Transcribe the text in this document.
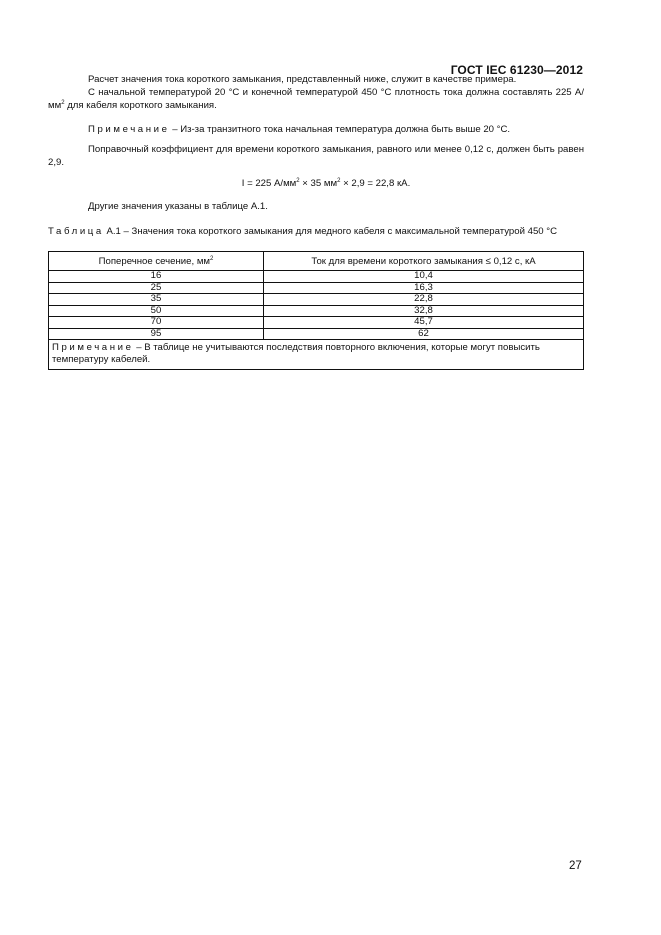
ГОСТ IEC 61230—2012

Расчет значения тока короткого замыкания, представленный ниже, служит в качестве примера.

С начальной температурой 20 °С и конечной температурой 450 °С плотность тока должна составлять 225 $А/мм^2$ для кабеля короткого замыкания.

Примечание – Из-за транзитного тока начальная температура должна быть выше 20 °С.

Поправочный коэффициент для времени короткого замыкания, равного или менее 0,12 с, должен быть равен 2,9.

I = 225 $А/мм^2 \times 35$ $мм^2 \times 2,9 = 22,8$ кА.

Другие значения указаны в таблице А.1.

Таблица А.1 – Значения тока короткого замыкания для медного кабеля с максимальной температурой 450 °С
Поперечное сечение, $мм^2$	Ток для времени короткого замыкания ≤ 0,12 с, кА
16	10,4
25	16,3
35	22,8
50	32,8
70	45,7
95	62
Примечание – В таблице не учитываются последствия повторного включения, которые могут повысить температуру кабелей.	
27
